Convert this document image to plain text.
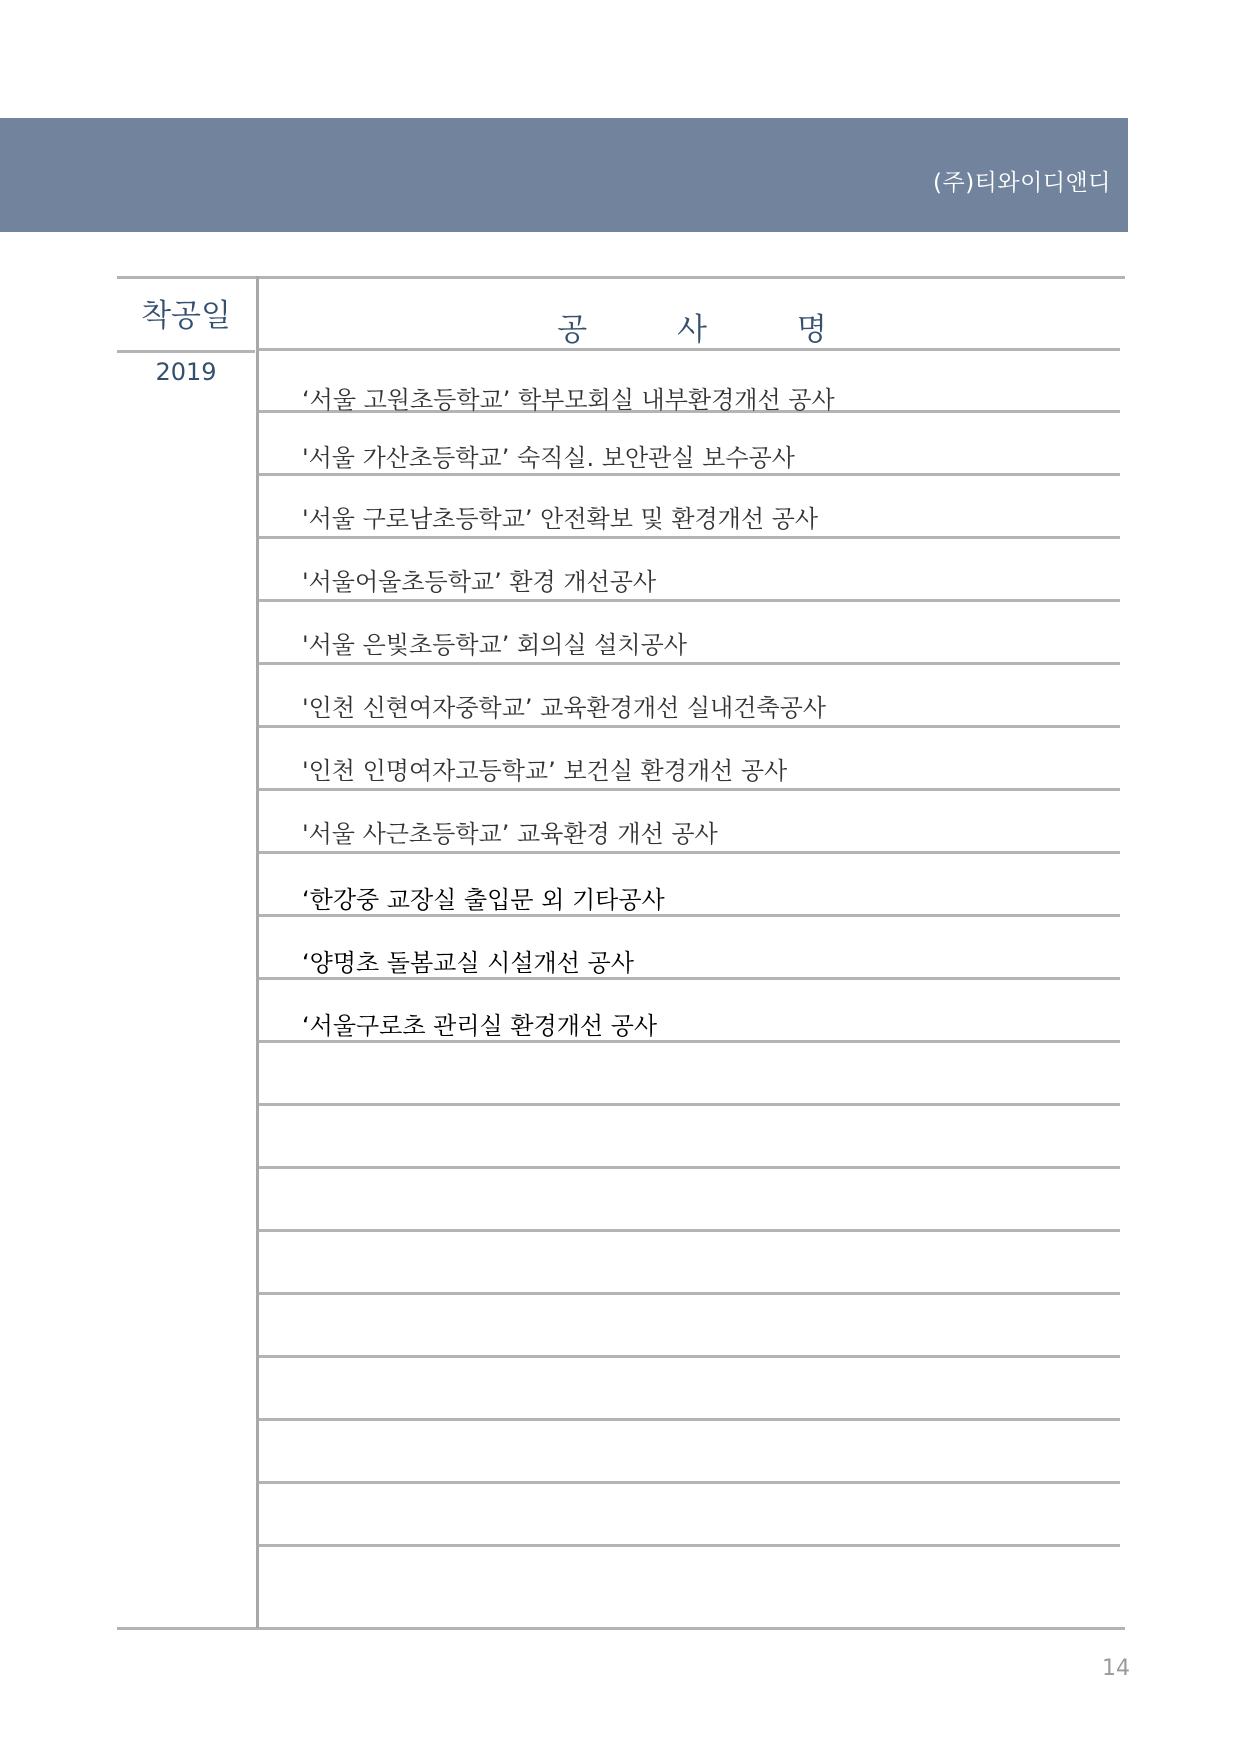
(주)티와이디앤디
착공일	공 사 명
2019
‘서울 고원초등학교’ 학부모회실 내부환경개선 공사
'서울 가산초등학교’ 숙직실. 보안관실 보수공사
'서울 구로남초등학교’ 안전확보 및 환경개선 공사
'서울어울초등학교’ 환경 개선공사
'서울 은빛초등학교’ 회의실 설치공사
'인천 신현여자중학교’ 교육환경개선 실내건축공사
'인천 인명여자고등학교’ 보건실 환경개선 공사
'서울 사근초등학교’ 교육환경 개선 공사
‘한강중 교장실 출입문 외 기타공사
‘양명초 돌봄교실 시설개선 공사
‘서울구로초 관리실 환경개선 공사
14
